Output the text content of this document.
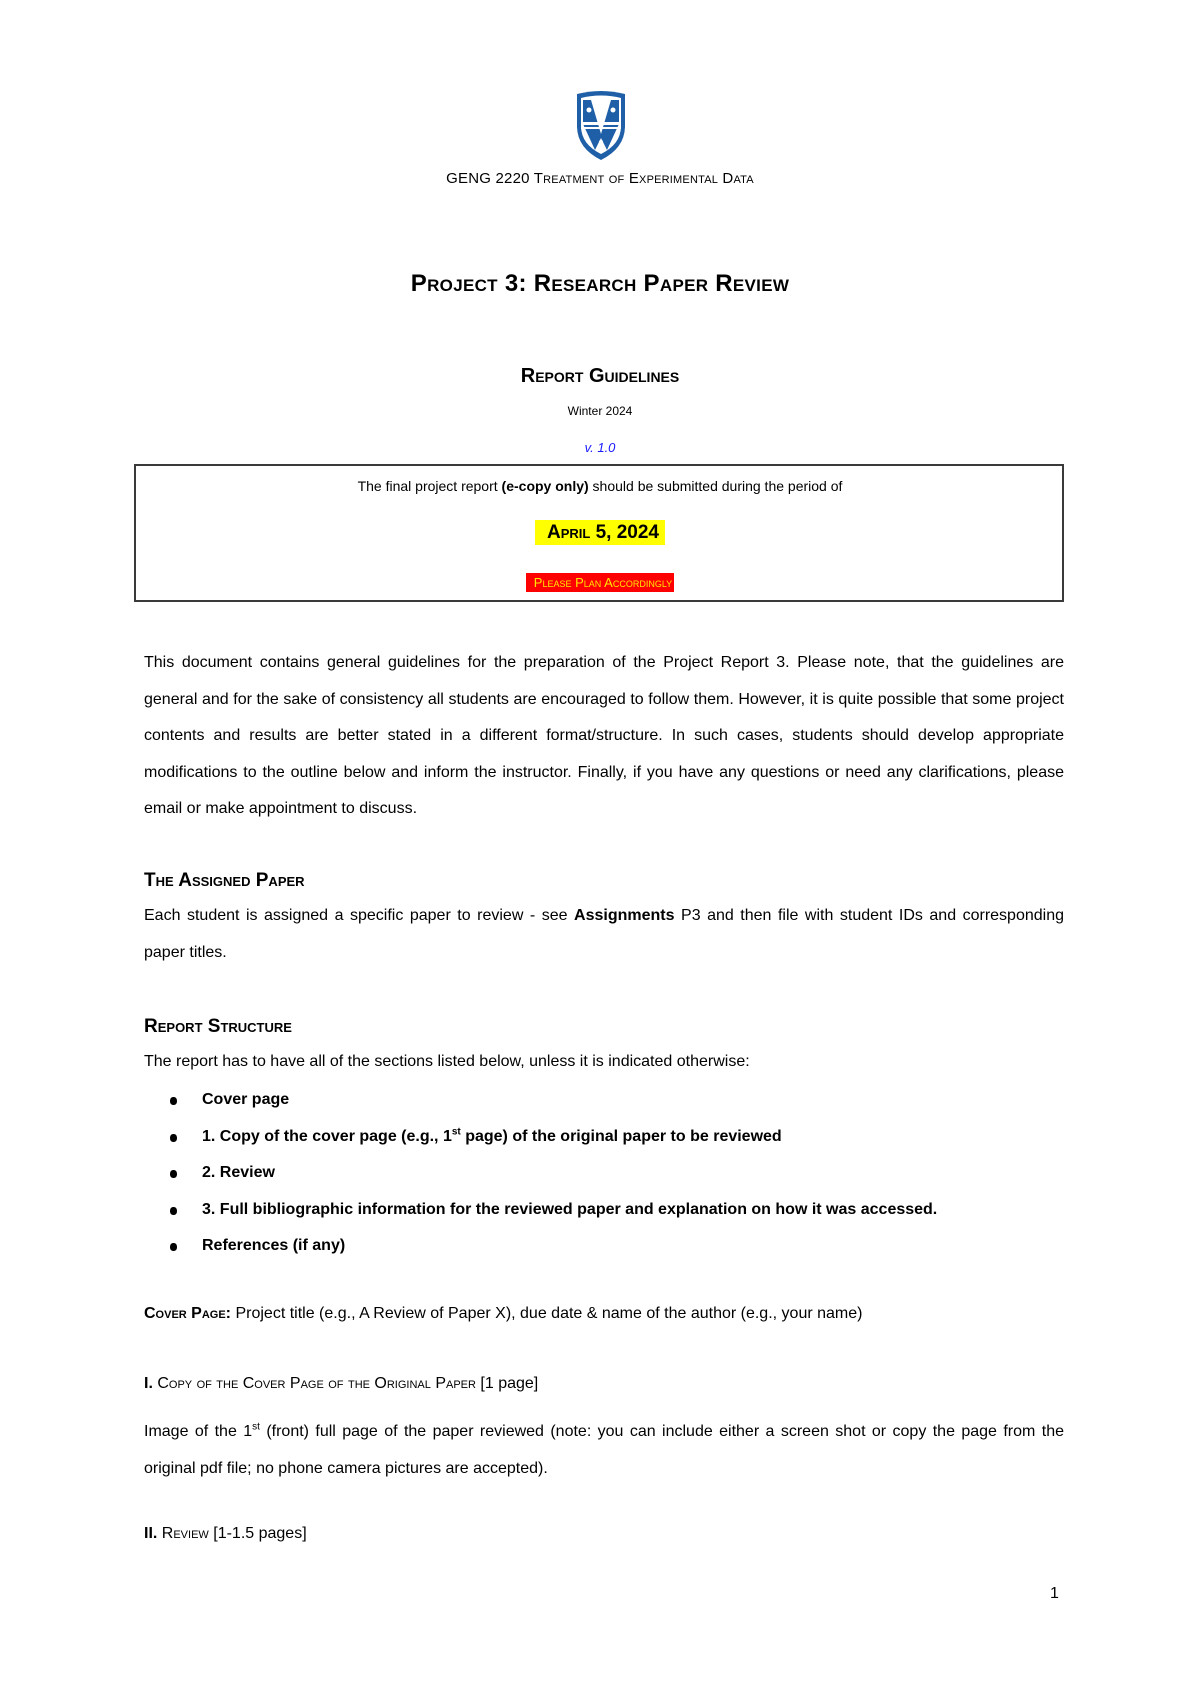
GENG 2220 Treatment of Experimental Data
Project 3: Research Paper Review
Report Guidelines
Winter 2024
v. 1.0
The final project report (e-copy only) should be submitted during the period of
April 5, 2024
Please Plan Accordingly
This document contains general guidelines for the preparation of the Project Report 3. Please note, that the guidelines are general and for the sake of consistency all students are encouraged to follow them. However, it is quite possible that some project contents and results are better stated in a different format/structure. In such cases, students should develop appropriate modifications to the outline below and inform the instructor. Finally, if you have any questions or need any clarifications, please email or make appointment to discuss.
The Assigned Paper
Each student is assigned a specific paper to review - see Assignments P3 and then file with student IDs and corresponding paper titles.
Report Structure
The report has to have all of the sections listed below, unless it is indicated otherwise:
Cover page
1. Copy of the cover page (e.g., 1st page) of the original paper to be reviewed
2. Review
3. Full bibliographic information for the reviewed paper and explanation on how it was accessed.
References (if any)
Cover Page: Project title (e.g., A Review of Paper X), due date & name of the author (e.g., your name)
I. Copy of the Cover Page of the Original Paper [1 page]
Image of the 1st (front) full page of the paper reviewed (note: you can include either a screen shot or copy the page from the original pdf file; no phone camera pictures are accepted).
II. Review [1-1.5 pages]
1
